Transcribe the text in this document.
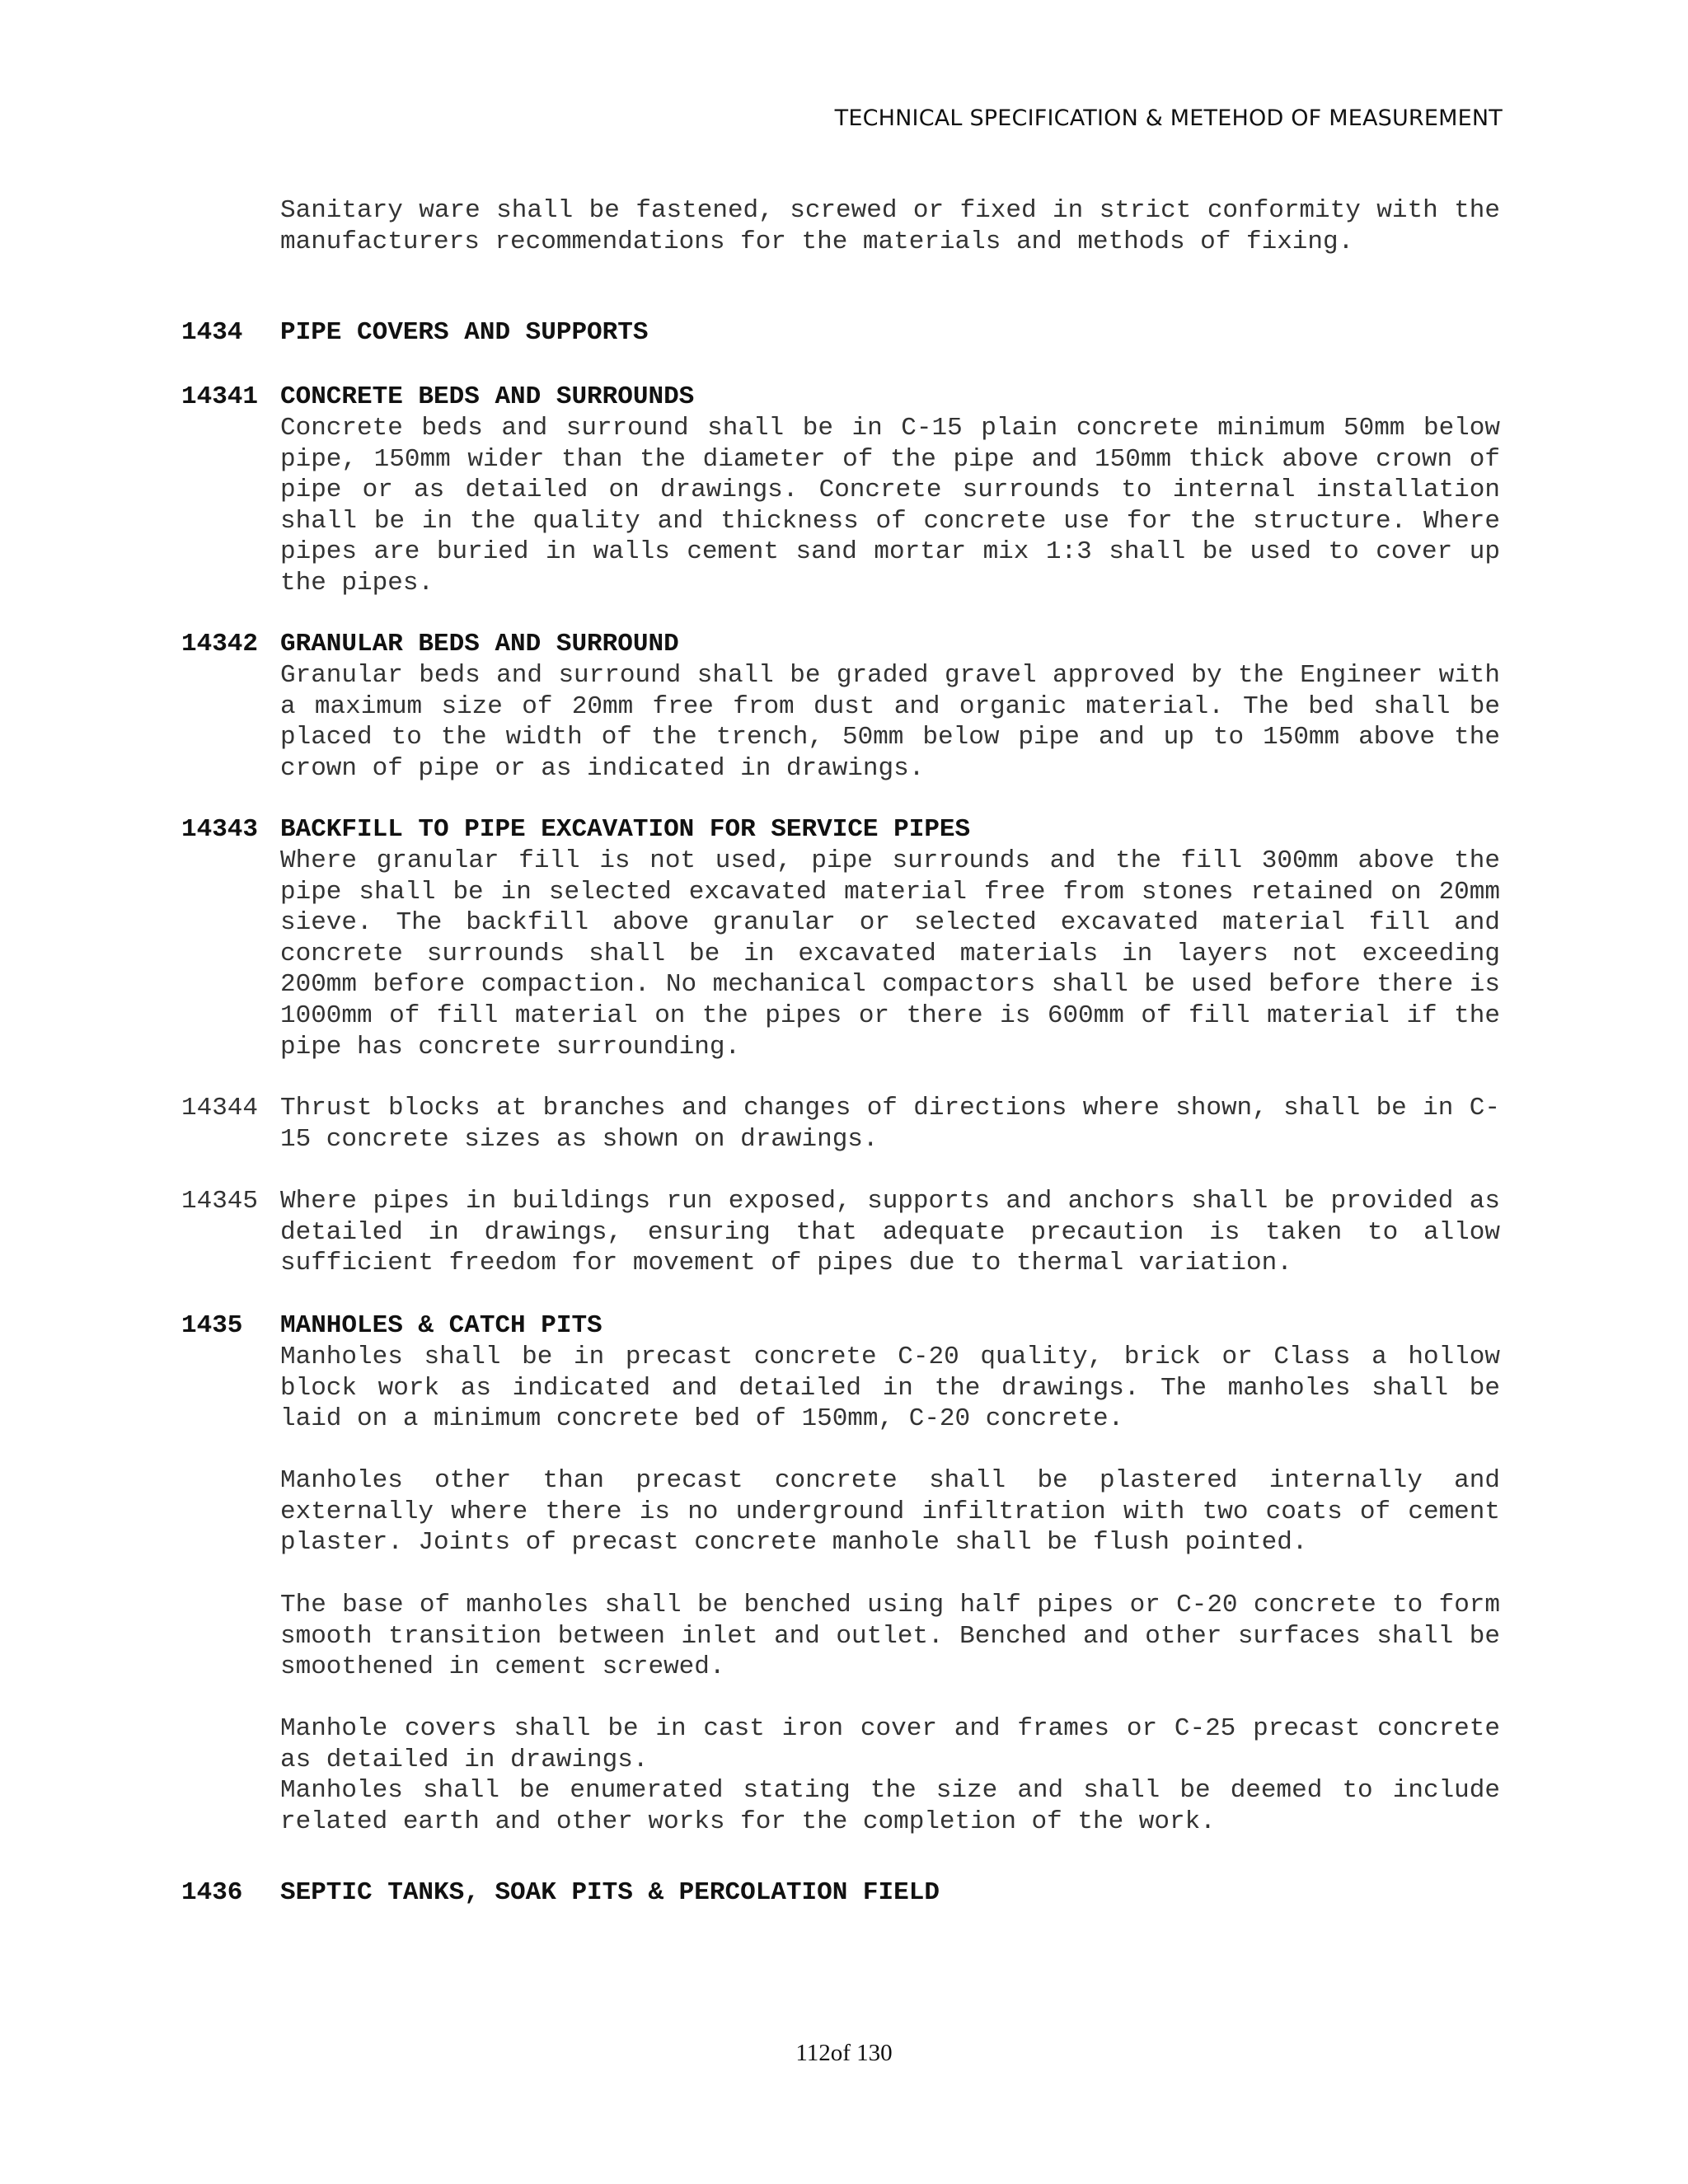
TECHNICAL SPECIFICATION & METEHOD OF MEASUREMENT
Sanitary ware shall be fastened, screwed or fixed in strict conformity with the manufacturers recommendations for the materials and methods of fixing.
1434 PIPE COVERS AND SUPPORTS
14341 CONCRETE BEDS AND SURROUNDS
Concrete beds and surround shall be in C-15 plain concrete minimum 50mm below pipe, 150mm wider than the diameter of the pipe and 150mm thick above crown of pipe or as detailed on drawings. Concrete surrounds to internal installation shall be in the quality and thickness of concrete use for the structure. Where pipes are buried in walls cement sand mortar mix 1:3 shall be used to cover up the pipes.
14342 GRANULAR BEDS AND SURROUND
Granular beds and surround shall be graded gravel approved by the Engineer with a maximum size of 20mm free from dust and organic material. The bed shall be placed to the width of the trench, 50mm below pipe and up to 150mm above the crown of pipe or as indicated in drawings.
14343 BACKFILL TO PIPE EXCAVATION FOR SERVICE PIPES
Where granular fill is not used, pipe surrounds and the fill 300mm above the pipe shall be in selected excavated material free from stones retained on 20mm sieve. The backfill above granular or selected excavated material fill and concrete surrounds shall be in excavated materials in layers not exceeding 200mm before compaction. No mechanical compactors shall be used before there is 1000mm of fill material on the pipes or there is 600mm of fill material if the pipe has concrete surrounding.
14344 Thrust blocks at branches and changes of directions where shown, shall be in C-15 concrete sizes as shown on drawings.
14345 Where pipes in buildings run exposed, supports and anchors shall be provided as detailed in drawings, ensuring that adequate precaution is taken to allow sufficient freedom for movement of pipes due to thermal variation.
1435 MANHOLES & CATCH PITS
Manholes shall be in precast concrete C-20 quality, brick or Class a hollow block work as indicated and detailed in the drawings. The manholes shall be laid on a minimum concrete bed of 150mm, C-20 concrete.
Manholes other than precast concrete shall be plastered internally and externally where there is no underground infiltration with two coats of cement plaster. Joints of precast concrete manhole shall be flush pointed.
The base of manholes shall be benched using half pipes or C-20 concrete to form smooth transition between inlet and outlet. Benched and other surfaces shall be smoothened in cement screwed.
Manhole covers shall be in cast iron cover and frames or C-25 precast concrete as detailed in drawings.
Manholes shall be enumerated stating the size and shall be deemed to include related earth and other works for the completion of the work.
1436 SEPTIC TANKS, SOAK PITS & PERCOLATION FIELD
112of 130
